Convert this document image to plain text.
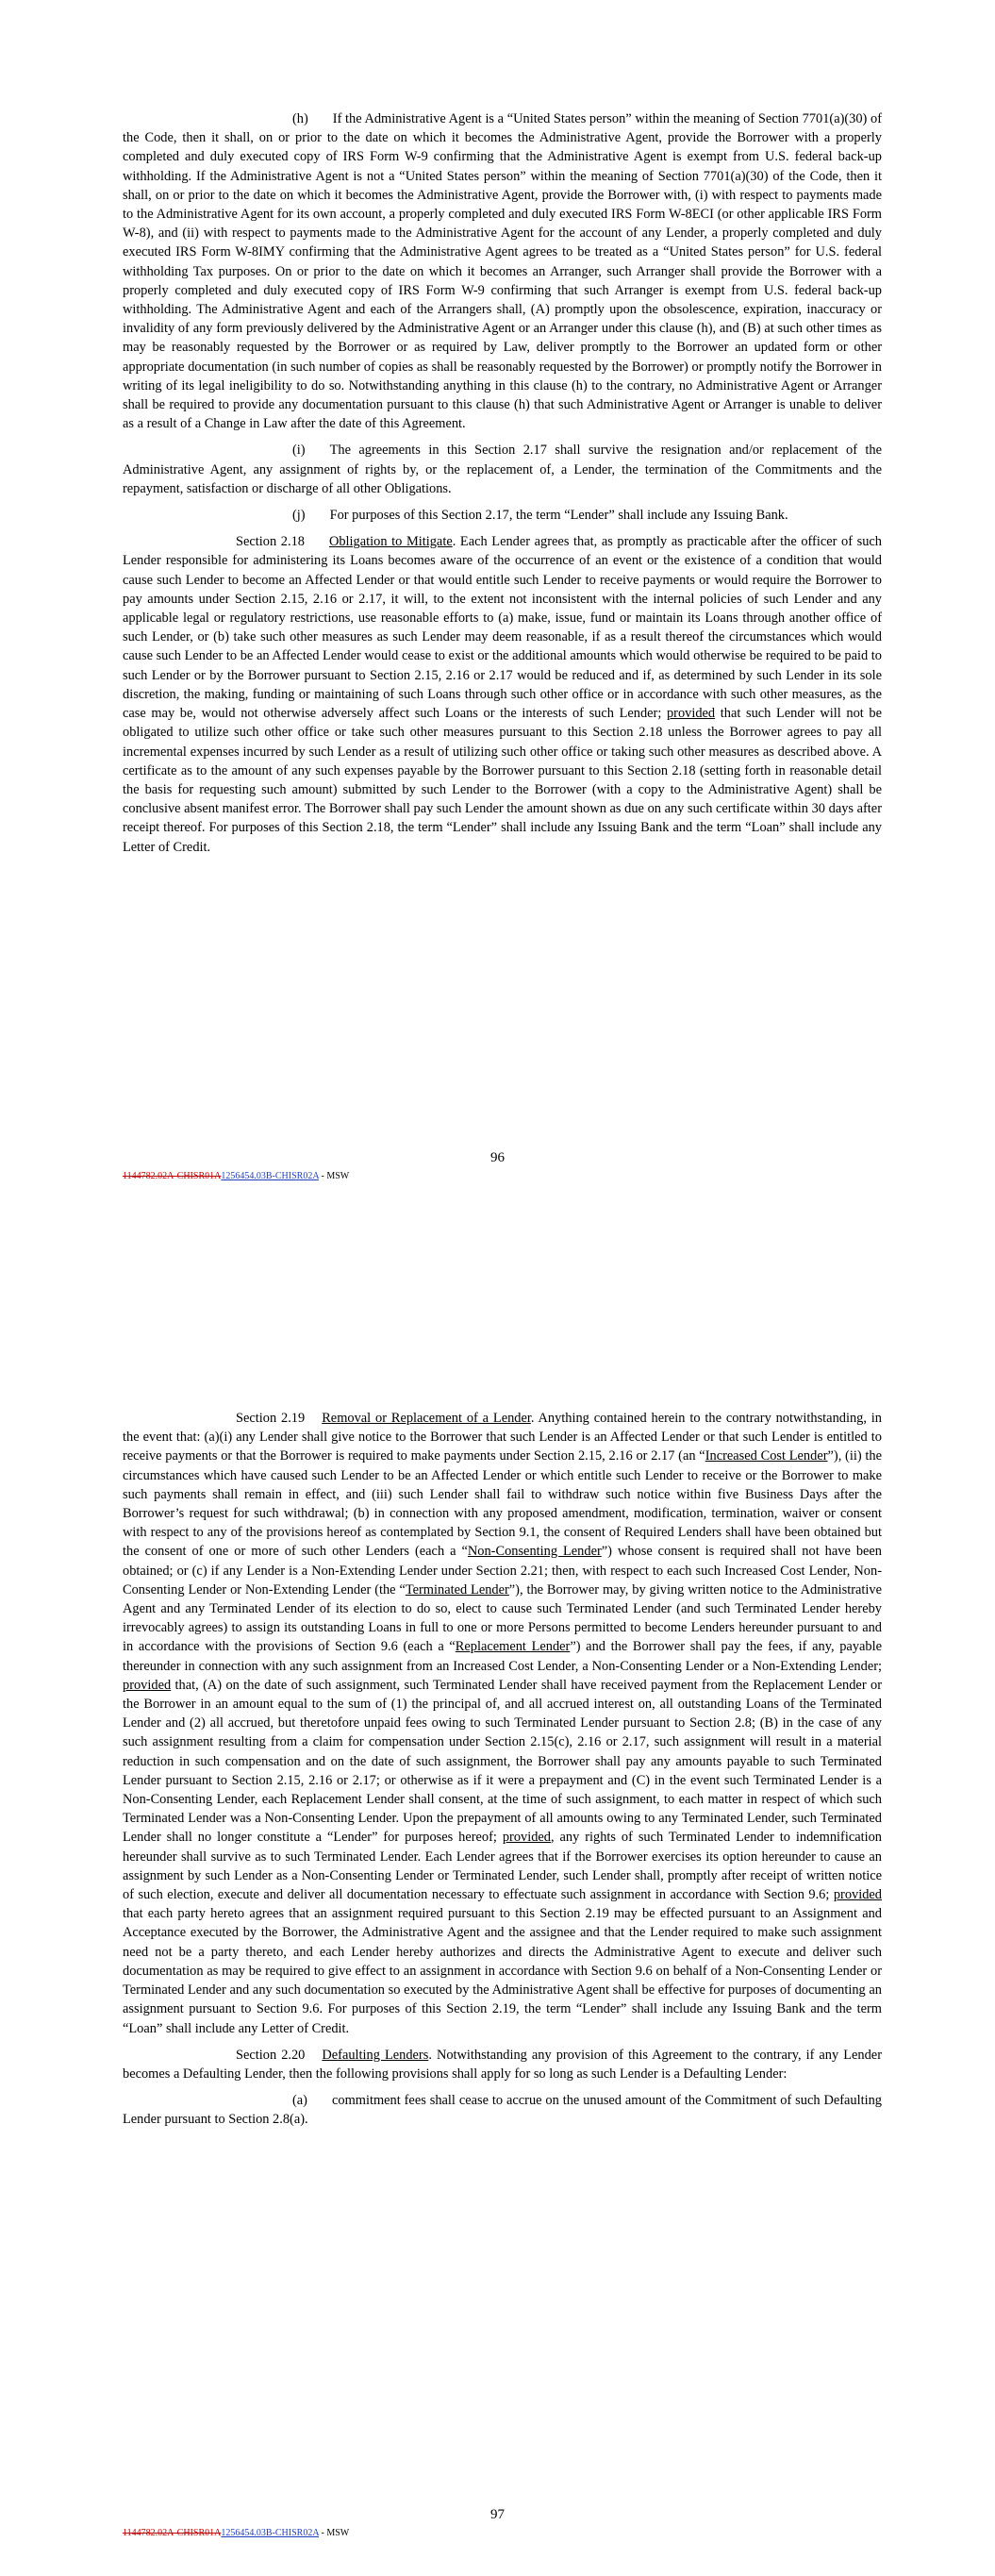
(h) If the Administrative Agent is a “United States person” within the meaning of Section 7701(a)(30) of the Code, then it shall, on or prior to the date on which it becomes the Administrative Agent, provide the Borrower with a properly completed and duly executed copy of IRS Form W-9 confirming that the Administrative Agent is exempt from U.S. federal back-up withholding. If the Administrative Agent is not a “United States person” within the meaning of Section 7701(a)(30) of the Code, then it shall, on or prior to the date on which it becomes the Administrative Agent, provide the Borrower with, (i) with respect to payments made to the Administrative Agent for its own account, a properly completed and duly executed IRS Form W-8ECI (or other applicable IRS Form W-8), and (ii) with respect to payments made to the Administrative Agent for the account of any Lender, a properly completed and duly executed IRS Form W-8IMY confirming that the Administrative Agent agrees to be treated as a “United States person” for U.S. federal withholding Tax purposes. On or prior to the date on which it becomes an Arranger, such Arranger shall provide the Borrower with a properly completed and duly executed copy of IRS Form W-9 confirming that such Arranger is exempt from U.S. federal back-up withholding. The Administrative Agent and each of the Arrangers shall, (A) promptly upon the obsolescence, expiration, inaccuracy or invalidity of any form previously delivered by the Administrative Agent or an Arranger under this clause (h), and (B) at such other times as may be reasonably requested by the Borrower or as required by Law, deliver promptly to the Borrower an updated form or other appropriate documentation (in such number of copies as shall be reasonably requested by the Borrower) or promptly notify the Borrower in writing of its legal ineligibility to do so. Notwithstanding anything in this clause (h) to the contrary, no Administrative Agent or Arranger shall be required to provide any documentation pursuant to this clause (h) that such Administrative Agent or Arranger is unable to deliver as a result of a Change in Law after the date of this Agreement.

(i) The agreements in this Section 2.17 shall survive the resignation and/or replacement of the Administrative Agent, any assignment of rights by, or the replacement of, a Lender, the termination of the Commitments and the repayment, satisfaction or discharge of all other Obligations.

(j) For purposes of this Section 2.17, the term “Lender” shall include any Issuing Bank.

Section 2.18 Obligation to Mitigate. Each Lender agrees that, as promptly as practicable after the officer of such Lender responsible for administering its Loans becomes aware of the occurrence of an event or the existence of a condition that would cause such Lender to become an Affected Lender or that would entitle such Lender to receive payments or would require the Borrower to pay amounts under Section 2.15, 2.16 or 2.17, it will, to the extent not inconsistent with the internal policies of such Lender and any applicable legal or regulatory restrictions, use reasonable efforts to (a) make, issue, fund or maintain its Loans through another office of such Lender, or (b) take such other measures as such Lender may deem reasonable, if as a result thereof the circumstances which would cause such Lender to be an Affected Lender would cease to exist or the additional amounts which would otherwise be required to be paid to such Lender or by the Borrower pursuant to Section 2.15, 2.16 or 2.17 would be reduced and if, as determined by such Lender in its sole discretion, the making, funding or maintaining of such Loans through such other office or in accordance with such other measures, as the case may be, would not otherwise adversely affect such Loans or the interests of such Lender; provided that such Lender will not be obligated to utilize such other office or take such other measures pursuant to this Section 2.18 unless the Borrower agrees to pay all incremental expenses incurred by such Lender as a result of utilizing such other office or taking such other measures as described above. A certificate as to the amount of any such expenses payable by the Borrower pursuant to this Section 2.18 (setting forth in reasonable detail the basis for requesting such amount) submitted by such Lender to the Borrower (with a copy to the Administrative Agent) shall be conclusive absent manifest error. The Borrower shall pay such Lender the amount shown as due on any such certificate within 30 days after receipt thereof. For purposes of this Section 2.18, the term “Lender” shall include any Issuing Bank and the term “Loan” shall include any Letter of Credit.

96
1144782.02A-CHISR01A1256454.03B-CHISR02A - MSW

Section 2.19 Removal or Replacement of a Lender. Anything contained herein to the contrary notwithstanding, in the event that: (a)(i) any Lender shall give notice to the Borrower that such Lender is an Affected Lender or that such Lender is entitled to receive payments or that the Borrower is required to make payments under Section 2.15, 2.16 or 2.17 (an “Increased Cost Lender”), (ii) the circumstances which have caused such Lender to be an Affected Lender or which entitle such Lender to receive or the Borrower to make such payments shall remain in effect, and (iii) such Lender shall fail to withdraw such notice within five Business Days after the Borrower’s request for such withdrawal; (b) in connection with any proposed amendment, modification, termination, waiver or consent with respect to any of the provisions hereof as contemplated by Section 9.1, the consent of Required Lenders shall have been obtained but the consent of one or more of such other Lenders (each a “Non-Consenting Lender”) whose consent is required shall not have been obtained; or (c) if any Lender is a Non-Extending Lender under Section 2.21; then, with respect to each such Increased Cost Lender, Non-Consenting Lender or Non-Extending Lender (the “Terminated Lender”), the Borrower may, by giving written notice to the Administrative Agent and any Terminated Lender of its election to do so, elect to cause such Terminated Lender (and such Terminated Lender hereby irrevocably agrees) to assign its outstanding Loans in full to one or more Persons permitted to become Lenders hereunder pursuant to and in accordance with the provisions of Section 9.6 (each a “Replacement Lender”) and the Borrower shall pay the fees, if any, payable thereunder in connection with any such assignment from an Increased Cost Lender, a Non-Consenting Lender or a Non-Extending Lender; provided that, (A) on the date of such assignment, such Terminated Lender shall have received payment from the Replacement Lender or the Borrower in an amount equal to the sum of (1) the principal of, and all accrued interest on, all outstanding Loans of the Terminated Lender and (2) all accrued, but theretofore unpaid fees owing to such Terminated Lender pursuant to Section 2.8; (B) in the case of any such assignment resulting from a claim for compensation under Section 2.15(c), 2.16 or 2.17, such assignment will result in a material reduction in such compensation and on the date of such assignment, the Borrower shall pay any amounts payable to such Terminated Lender pursuant to Section 2.15, 2.16 or 2.17; or otherwise as if it were a prepayment and (C) in the event such Terminated Lender is a Non-Consenting Lender, each Replacement Lender shall consent, at the time of such assignment, to each matter in respect of which such Terminated Lender was a Non-Consenting Lender. Upon the prepayment of all amounts owing to any Terminated Lender, such Terminated Lender shall no longer constitute a “Lender” for purposes hereof; provided, any rights of such Terminated Lender to indemnification hereunder shall survive as to such Terminated Lender. Each Lender agrees that if the Borrower exercises its option hereunder to cause an assignment by such Lender as a Non-Consenting Lender or Terminated Lender, such Lender shall, promptly after receipt of written notice of such election, execute and deliver all documentation necessary to effectuate such assignment in accordance with Section 9.6; provided that each party hereto agrees that an assignment required pursuant to this Section 2.19 may be effected pursuant to an Assignment and Acceptance executed by the Borrower, the Administrative Agent and the assignee and that the Lender required to make such assignment need not be a party thereto, and each Lender hereby authorizes and directs the Administrative Agent to execute and deliver such documentation as may be required to give effect to an assignment in accordance with Section 9.6 on behalf of a Non-Consenting Lender or Terminated Lender and any such documentation so executed by the Administrative Agent shall be effective for purposes of documenting an assignment pursuant to Section 9.6. For purposes of this Section 2.19, the term “Lender” shall include any Issuing Bank and the term “Loan” shall include any Letter of Credit.

Section 2.20 Defaulting Lenders. Notwithstanding any provision of this Agreement to the contrary, if any Lender becomes a Defaulting Lender, then the following provisions shall apply for so long as such Lender is a Defaulting Lender:

(a) commitment fees shall cease to accrue on the unused amount of the Commitment of such Defaulting Lender pursuant to Section 2.8(a).

97
1144782.02A-CHISR01A1256454.03B-CHISR02A - MSW
